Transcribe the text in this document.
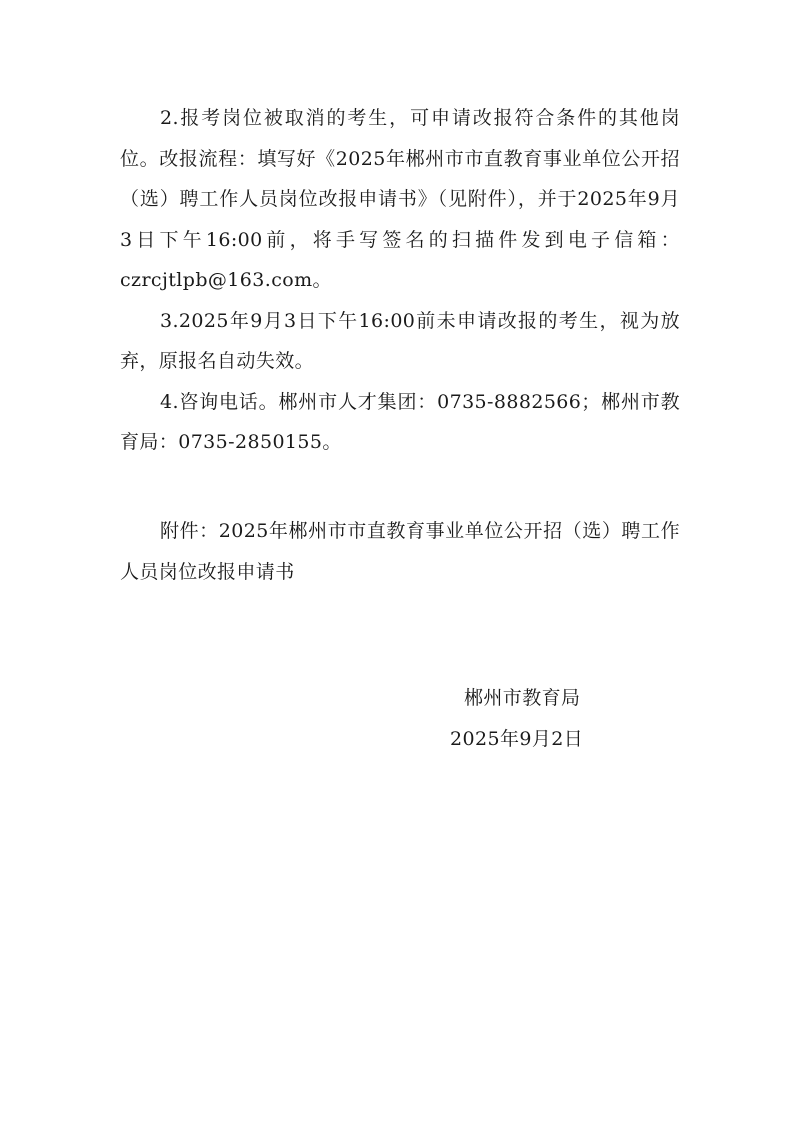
2.报考岗位被取消的考生，可申请改报符合条件的其他岗位。改报流程：填写好《2025年郴州市市直教育事业单位公开招（选）聘工作人员岗位改报申请书》（见附件），并于2025年9月3日下午16:00前，将手写签名的扫描件发到电子信箱：czrcjtlpb@163.com。

3.2025年9月3日下午16:00前未申请改报的考生，视为放弃，原报名自动失效。

4.咨询电话。郴州市人才集团：0735-8882566；郴州市教育局：0735-2850155。

附件：2025年郴州市市直教育事业单位公开招（选）聘工作人员岗位改报申请书

郴州市教育局
2025年9月2日
